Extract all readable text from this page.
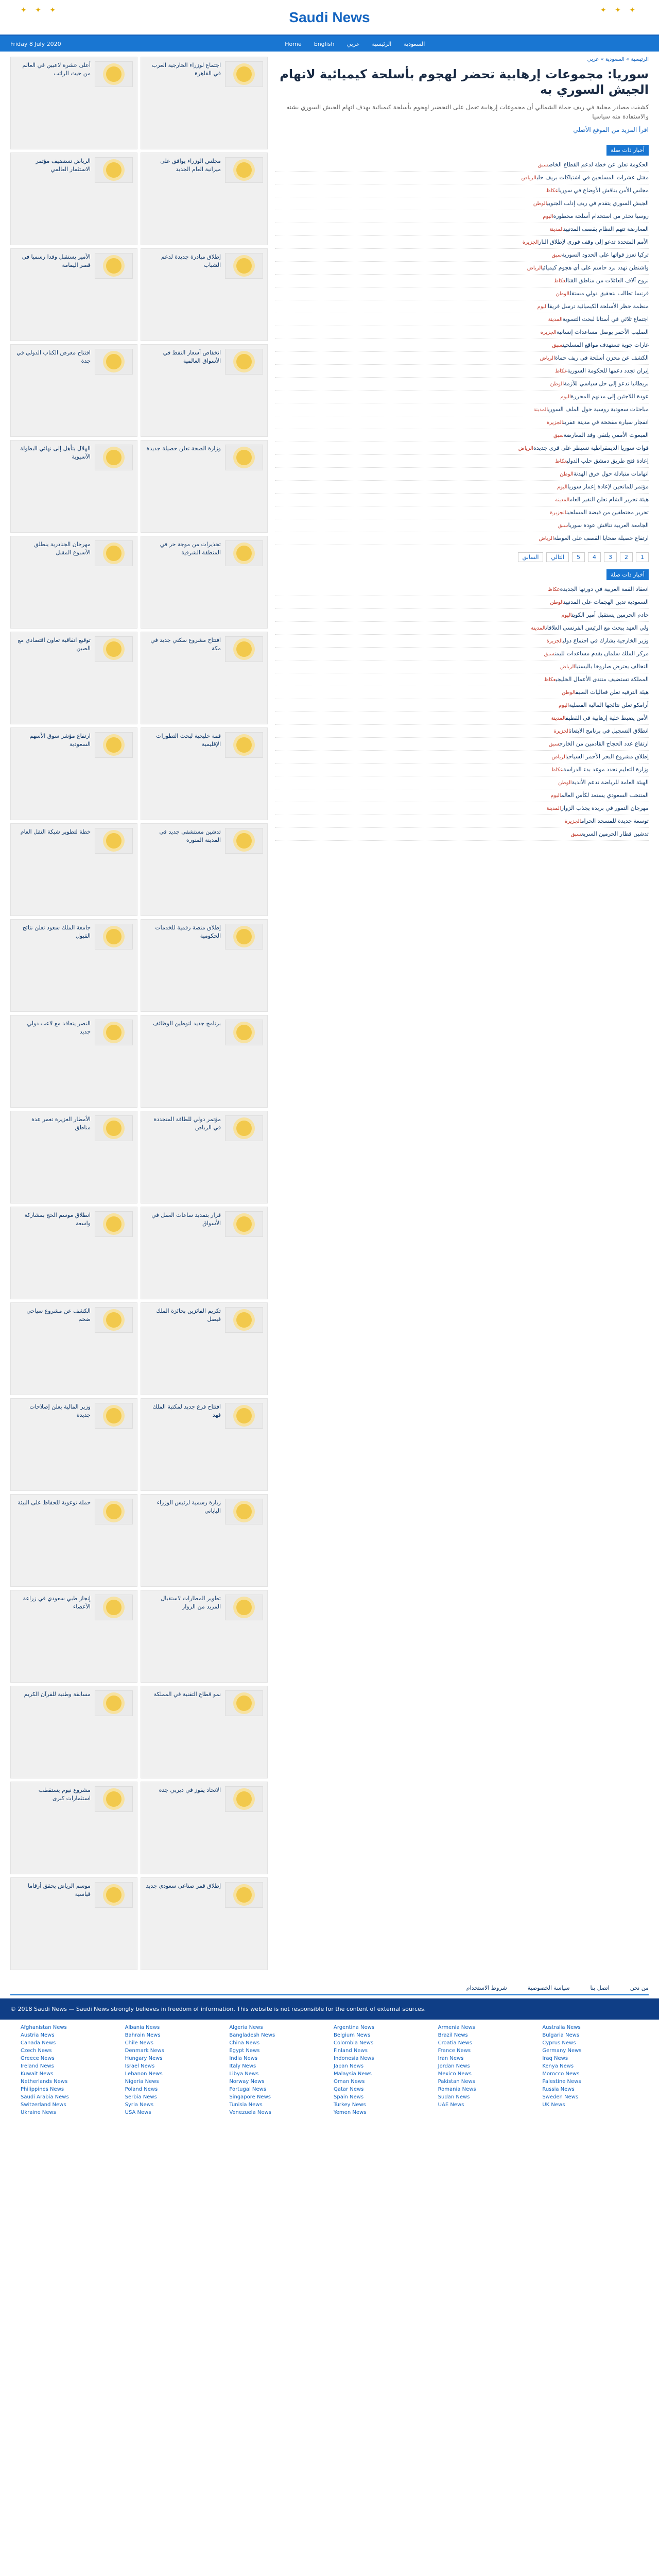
✦ ✦ ✦	Saudi News	✦ ✦ ✦
Friday 8 July 2020	Home	English	عربي	الرئيسية	السعودية
أعلى عشرة لاعبين في العالم من حيث الراتب
اجتماع لوزراء الخارجية العرب في القاهرة
الرياض تستضيف مؤتمر الاستثمار العالمي
مجلس الوزراء يوافق على ميزانية العام الجديد
الأمير يستقبل وفدا رسميا في قصر اليمامة
إطلاق مبادرة جديدة لدعم الشباب
افتتاح معرض الكتاب الدولي في جدة
انخفاض أسعار النفط في الأسواق العالمية
الهلال يتأهل إلى نهائي البطولة الآسيوية
وزارة الصحة تعلن حصيلة جديدة
مهرجان الجنادرية ينطلق الأسبوع المقبل
تحذيرات من موجة حر في المنطقة الشرقية
توقيع اتفاقية تعاون اقتصادي مع الصين
افتتاح مشروع سكني جديد في مكة
ارتفاع مؤشر سوق الأسهم السعودية
قمة خليجية لبحث التطورات الإقليمية
خطة لتطوير شبكة النقل العام	تدشين مستشفى جديد في المدينة المنورة
جامعة الملك سعود تعلن نتائج القبول
إطلاق منصة رقمية للخدمات الحكومية
النصر يتعاقد مع لاعب دولي جديد
برنامج جديد لتوطين الوظائف
الأمطار الغزيرة تغمر عدة مناطق
مؤتمر دولي للطاقة المتجددة في الرياض
انطلاق موسم الحج بمشاركة واسعة
قرار بتمديد ساعات العمل في الأسواق
الكشف عن مشروع سياحي ضخم
تكريم الفائزين بجائزة الملك فيصل
وزير المالية يعلن إصلاحات جديدة
افتتاح فرع جديد لمكتبة الملك فهد
حملة توعوية للحفاظ على البيئة	زيارة رسمية لرئيس الوزراء الياباني
إنجاز طبي سعودي في زراعة الأعضاء
تطوير المطارات لاستقبال المزيد من الزوار
مسابقة وطنية للقرآن الكريم	نمو قطاع التقنية في المملكة
مشروع نيوم يستقطب استثمارات كبرى
الاتحاد يفوز في ديربي جدة
موسم الرياض يحقق أرقاما قياسية
إطلاق قمر صناعي سعودي جديد
الرئيسية » السعودية » عربي
سوريا: مجموعات إرهابية تحضر لهجوم بأسلحة كيميائية لاتهام الجيش السوري به
كشفت مصادر محلية في ريف حماة الشمالي أن مجموعات إرهابية تعمل على التحضير لهجوم بأسلحة كيميائية بهدف اتهام الجيش السوري بشنه والاستفادة منه سياسيا
اقرأ المزيد من الموقع الأصلي
أخبار ذات صلة
الحكومة تعلن عن خطة لدعم القطاع الخاصسبق
مقتل عشرات المسلحين في اشتباكات بريف حلبالرياض
مجلس الأمن يناقش الأوضاع في سورياعكاظ
الجيش السوري يتقدم في ريف إدلب الجنوبيالوطن
روسيا تحذر من استخدام أسلحة محظورةاليوم
المعارضة تتهم النظام بقصف المدنيينالمدينة
الأمم المتحدة تدعو إلى وقف فوري لإطلاق النارالجزيرة
تركيا تعزز قواتها على الحدود السوريةسبق
واشنطن تهدد برد حاسم على أي هجوم كيميائيالرياض
نزوح آلاف العائلات من مناطق القتالعكاظ
فرنسا تطالب بتحقيق دولي مستقلالوطن
منظمة حظر الأسلحة الكيميائية ترسل فريقااليوم
اجتماع ثلاثي في أستانا لبحث التسويةالمدينة
الصليب الأحمر يوصل مساعدات إنسانيةالجزيرة
غارات جوية تستهدف مواقع المسلحينسبق
الكشف عن مخزن أسلحة في ريف حماةالرياض
إيران تجدد دعمها للحكومة السوريةعكاظ
بريطانيا تدعو إلى حل سياسي للأزمةالوطن
عودة اللاجئين إلى مدنهم المحررةاليوم
مباحثات سعودية روسية حول الملف السوريالمدينة
انفجار سيارة مفخخة في مدينة عفرينالجزيرة
المبعوث الأممي يلتقي وفد المعارضةسبق
قوات سوريا الديمقراطية تسيطر على قرى جديدةالرياض
إعادة فتح طريق دمشق حلب الدوليعكاظ
اتهامات متبادلة حول خرق الهدنةالوطن
مؤتمر للمانحين لإعادة إعمار سوريااليوم
هيئة تحرير الشام تعلن النفير العامالمدينة
تحرير مختطفين من قبضة المسلحينالجزيرة
الجامعة العربية تناقش عودة سورياسبق
ارتفاع حصيلة ضحايا القصف على الغوطةالرياض
1
2
3
4
5
التالي
السابق
أخبار ذات صلة
انعقاد القمة العربية في دورتها الجديدةعكاظ
السعودية تدين الهجمات على المدنيينالوطن
خادم الحرمين يستقبل أمير الكويتاليوم
ولي العهد يبحث مع الرئيس الفرنسي العلاقاتالمدينة
وزير الخارجية يشارك في اجتماع دوليالجزيرة
مركز الملك سلمان يقدم مساعدات لليمنسبق
التحالف يعترض صاروخا باليستياالرياض
المملكة تستضيف منتدى الأعمال الخليجيعكاظ
هيئة الترفيه تعلن فعاليات الصيفالوطن
أرامكو تعلن نتائجها المالية الفصليةاليوم
الأمن يضبط خلية إرهابية في القطيفالمدينة
انطلاق التسجيل في برنامج الابتعاثالجزيرة
ارتفاع عدد الحجاج القادمين من الخارجسبق
إطلاق مشروع البحر الأحمر السياحيالرياض
وزارة التعليم تحدد موعد بدء الدراسةعكاظ
الهيئة العامة للرياضة تدعم الأنديةالوطن
المنتخب السعودي يستعد لكأس العالماليوم
مهرجان التمور في بريدة يجذب الزوارالمدينة
توسعة جديدة للمسجد الحرامالجزيرة
تدشين قطار الحرمين السريعسبق
من نحن
اتصل بنا
سياسة الخصوصية
شروط الاستخدام
© 2018 Saudi News — Saudi News strongly believes in freedom of information. This website is not responsible for the content of external sources.
Afghanistan News	Albania News	Algeria News	Argentina News	Armenia News	Australia News
Austria News	Bahrain News	Bangladesh News	Belgium News	Brazil News	Bulgaria News
Canada News	Chile News	China News	Colombia News	Croatia News	Cyprus News
Czech News	Denmark News	Egypt News	Finland News	France News	Germany News
Greece News	Hungary News	India News	Indonesia News	Iran News	Iraq News
Ireland News	Israel News	Italy News	Japan News	Jordan News	Kenya News
Kuwait News	Lebanon News	Libya News	Malaysia News	Mexico News	Morocco News
Netherlands News	Nigeria News	Norway News	Oman News	Pakistan News	Palestine News
Philippines News	Poland News	Portugal News	Qatar News	Romania News	Russia News
Saudi Arabia News	Serbia News	Singapore News	Spain News	Sudan News	Sweden News
Switzerland News	Syria News	Tunisia News	Turkey News	UAE News	UK News
Ukraine News	USA News	Venezuela News	Yemen News
